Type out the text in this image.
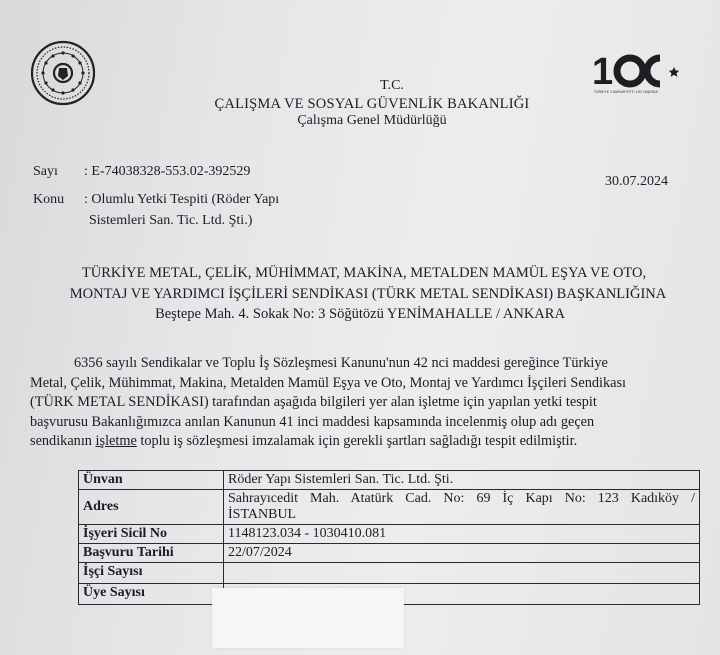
1
TÜRKİYE CUMHURİYETİ 100 YAŞINDA
T.C.
ÇALIŞMA VE SOSYAL GÜVENLİK BAKANLIĞI
Çalışma Genel Müdürlüğü
Sayı : E-74038328-553.02-392529
Konu : Olumlu Yetki Tespiti (Röder Yapı
Sistemleri San. Tic. Ltd. Şti.)
30.07.2024
TÜRKİYE METAL, ÇELİK, MÜHİMMAT, MAKİNA, METALDEN MAMÜL EŞYA VE OTO,
MONTAJ VE YARDIMCI İŞÇİLERİ SENDİKASI (TÜRK METAL SENDİKASI) BAŞKANLIĞINA
Beştepe Mah. 4. Sokak No: 3 Söğütözü YENİMAHALLE / ANKARA
6356 sayılı Sendikalar ve Toplu İş Sözleşmesi Kanunu'nun 42 nci maddesi gereğince Türkiye
Metal, Çelik, Mühimmat, Makina, Metalden Mamül Eşya ve Oto, Montaj ve Yardımcı İşçileri Sendikası
(TÜRK METAL SENDİKASI) tarafından aşağıda bilgileri yer alan işletme için yapılan yetki tespit
başvurusu Bakanlığımızca anılan Kanunun 41 inci maddesi kapsamında incelenmiş olup adı geçen
sendikanın işletme toplu iş sözleşmesi imzalamak için gerekli şartları sağladığı tespit edilmiştir.
Ünvan	Röder Yapı Sistemleri San. Tic. Ltd. Şti.
Adres	Sahrayıcedit Mah. Atatürk Cad. No: 69 İç Kapı No: 123 Kadıköy /
İSTANBUL

İşyeri Sicil No	1148123.034 - 1030410.081
Başvuru Tarihi	22/07/2024
İşçi Sayısı	
Üye Sayısı	
